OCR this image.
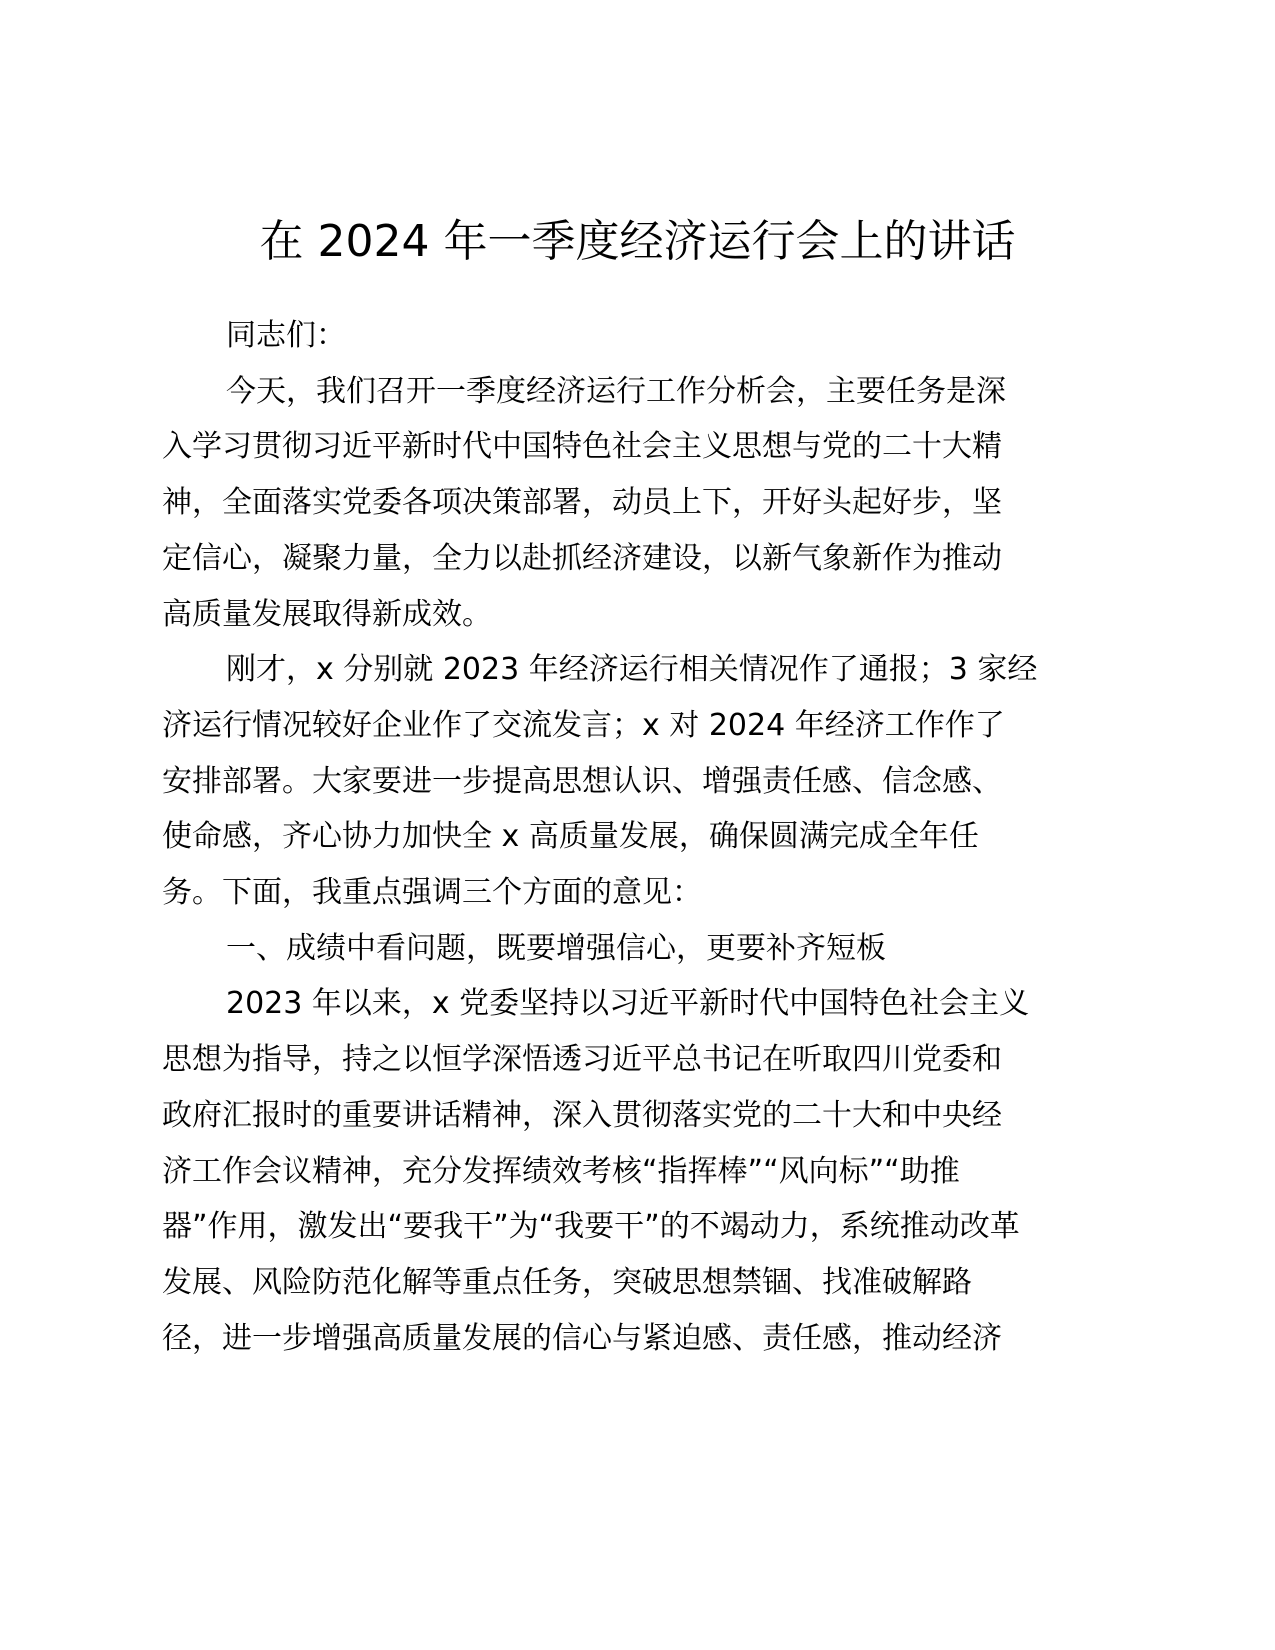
在 2024 年一季度经济运行会上的讲话

同志们：

今天，我们召开一季度经济运行工作分析会，主要任务是深
入学习贯彻习近平新时代中国特色社会主义思想与党的二十大精
神，全面落实党委各项决策部署，动员上下，开好头起好步，坚
定信心，凝聚力量，全力以赴抓经济建设，以新气象新作为推动
高质量发展取得新成效。

刚才，x 分别就 2023 年经济运行相关情况作了通报；3 家经
济运行情况较好企业作了交流发言；x 对 2024 年经济工作作了
安排部署。大家要进一步提高思想认识、增强责任感、信念感、
使命感，齐心协力加快全 x 高质量发展，确保圆满完成全年任
务。下面，我重点强调三个方面的意见：

一、成绩中看问题，既要增强信心，更要补齐短板

2023 年以来，x 党委坚持以习近平新时代中国特色社会主义
思想为指导，持之以恒学深悟透习近平总书记在听取四川党委和
政府汇报时的重要讲话精神，深入贯彻落实党的二十大和中央经
济工作会议精神，充分发挥绩效考核“指挥棒”“风向标”“助推
器”作用，激发出“要我干”为“我要干”的不竭动力，系统推动改革
发展、风险防范化解等重点任务，突破思想禁锢、找准破解路
径，进一步增强高质量发展的信心与紧迫感、责任感，推动经济
